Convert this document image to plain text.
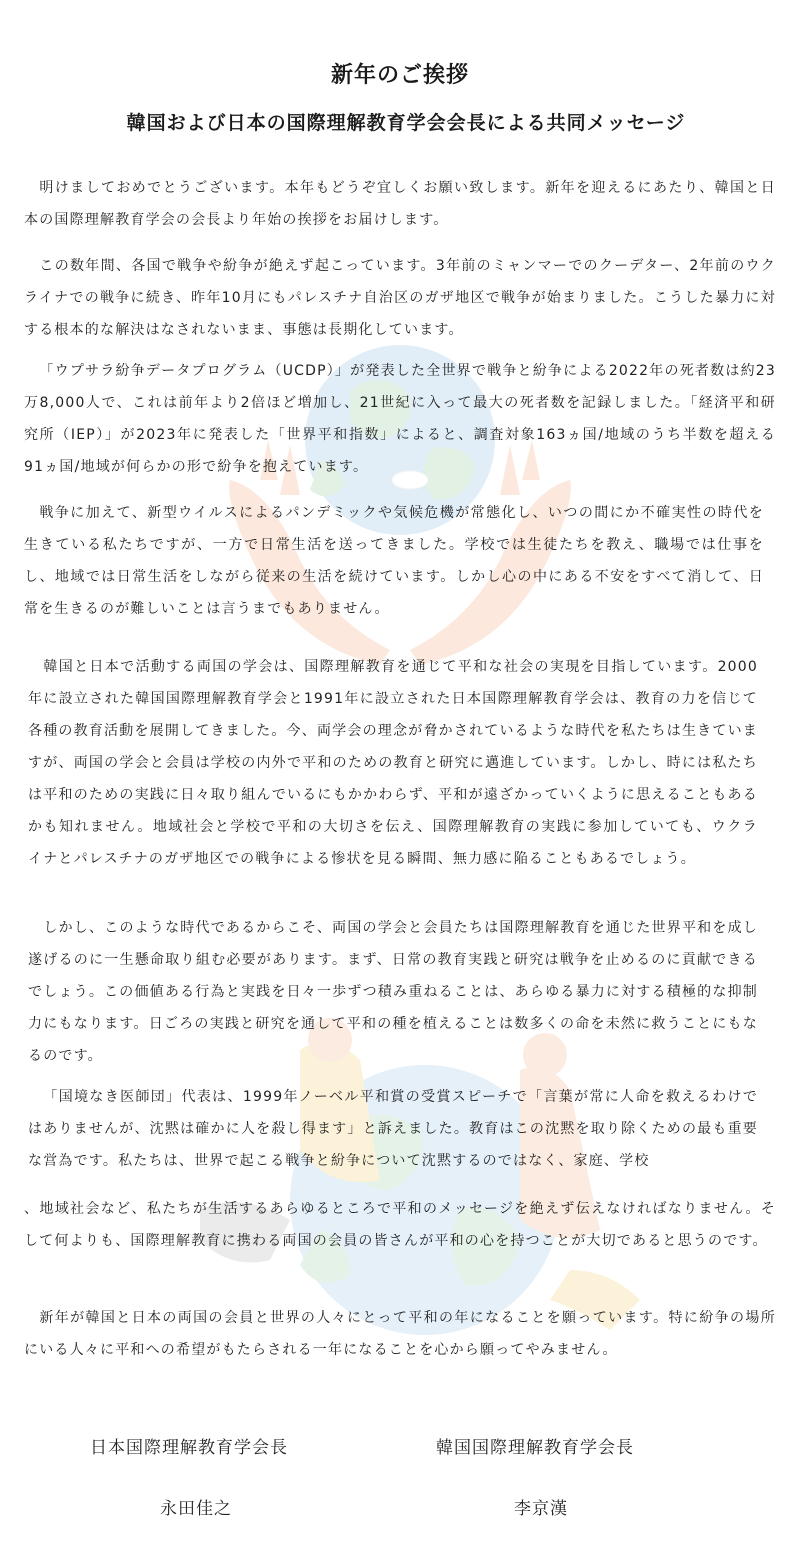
新年のご挨拶
韓国および日本の国際理解教育学会会長による共同メッセージ

明けましておめでとうございます。本年もどうぞ宜しくお願い致します。新年を迎えるにあたり、韓国と日本の国際理解教育学会の会長より年始の挨拶をお届けします。

この数年間、各国で戦争や紛争が絶えず起こっています。3年前のミャンマーでのクーデター、2年前のウクライナでの戦争に続き、昨年10月にもパレスチナ自治区のガザ地区で戦争が始まりました。こうした暴力に対する根本的な解決はなされないまま、事態は長期化しています。

「ウプサラ紛争データプログラム（UCDP）」が発表した全世界で戦争と紛争による2022年の死者数は約23万8,000人で、これは前年より2倍ほど増加し、21世紀に入って最大の死者数を記録しました。「経済平和研究所（IEP）」が2023年に発表した「世界平和指数」によると、調査対象163ヵ国/地域のうち半数を超える91ヵ国/地域が何らかの形で紛争を抱えています。

戦争に加えて、新型ウイルスによるパンデミックや気候危機が常態化し、いつの間にか不確実性の時代を生きている私たちですが、一方で日常生活を送ってきました。学校では生徒たちを教え、職場では仕事をし、地域では日常生活をしながら従来の生活を続けています。しかし心の中にある不安をすべて消して、日常を生きるのが難しいことは言うまでもありません。

韓国と日本で活動する両国の学会は、国際理解教育を通じて平和な社会の実現を目指しています。2000年に設立された韓国国際理解教育学会と1991年に設立された日本国際理解教育学会は、教育の力を信じて各種の教育活動を展開してきました。今、両学会の理念が脅かされているような時代を私たちは生きていますが、両国の学会と会員は学校の内外で平和のための教育と研究に邁進しています。しかし、時には私たちは平和のための実践に日々取り組んでいるにもかかわらず、平和が遠ざかっていくように思えることもあるかも知れません。地域社会と学校で平和の大切さを伝え、国際理解教育の実践に参加していても、ウクライナとパレスチナのガザ地区での戦争による惨状を見る瞬間、無力感に陥ることもあるでしょう。

しかし、このような時代であるからこそ、両国の学会と会員たちは国際理解教育を通じた世界平和を成し遂げるのに一生懸命取り組む必要があります。まず、日常の教育実践と研究は戦争を止めるのに貢献できるでしょう。この価値ある行為と実践を日々一歩ずつ積み重ねることは、あらゆる暴力に対する積極的な抑制力にもなります。日ごろの実践と研究を通して平和の種を植えることは数多くの命を未然に救うことにもなるのです。

「国境なき医師団」代表は、1999年ノーベル平和賞の受賞スピーチで「言葉が常に人命を救えるわけではありませんが、沈黙は確かに人を殺し得ます」と訴えました。教育はこの沈黙を取り除くための最も重要な営為です。私たちは、世界で起こる戦争と紛争について沈黙するのではなく、家庭、学校

、地域社会など、私たちが生活するあらゆるところで平和のメッセージを絶えず伝えなければなりません。そして何よりも、国際理解教育に携わる両国の会員の皆さんが平和の心を持つことが大切であると思うのです。

新年が韓国と日本の両国の会員と世界の人々にとって平和の年になることを願っています。特に紛争の場所にいる人々に平和への希望がもたらされる一年になることを心から願ってやみません。

日本国際理解教育学会長	韓国国際理解教育学会長
永田佳之	李京漢
